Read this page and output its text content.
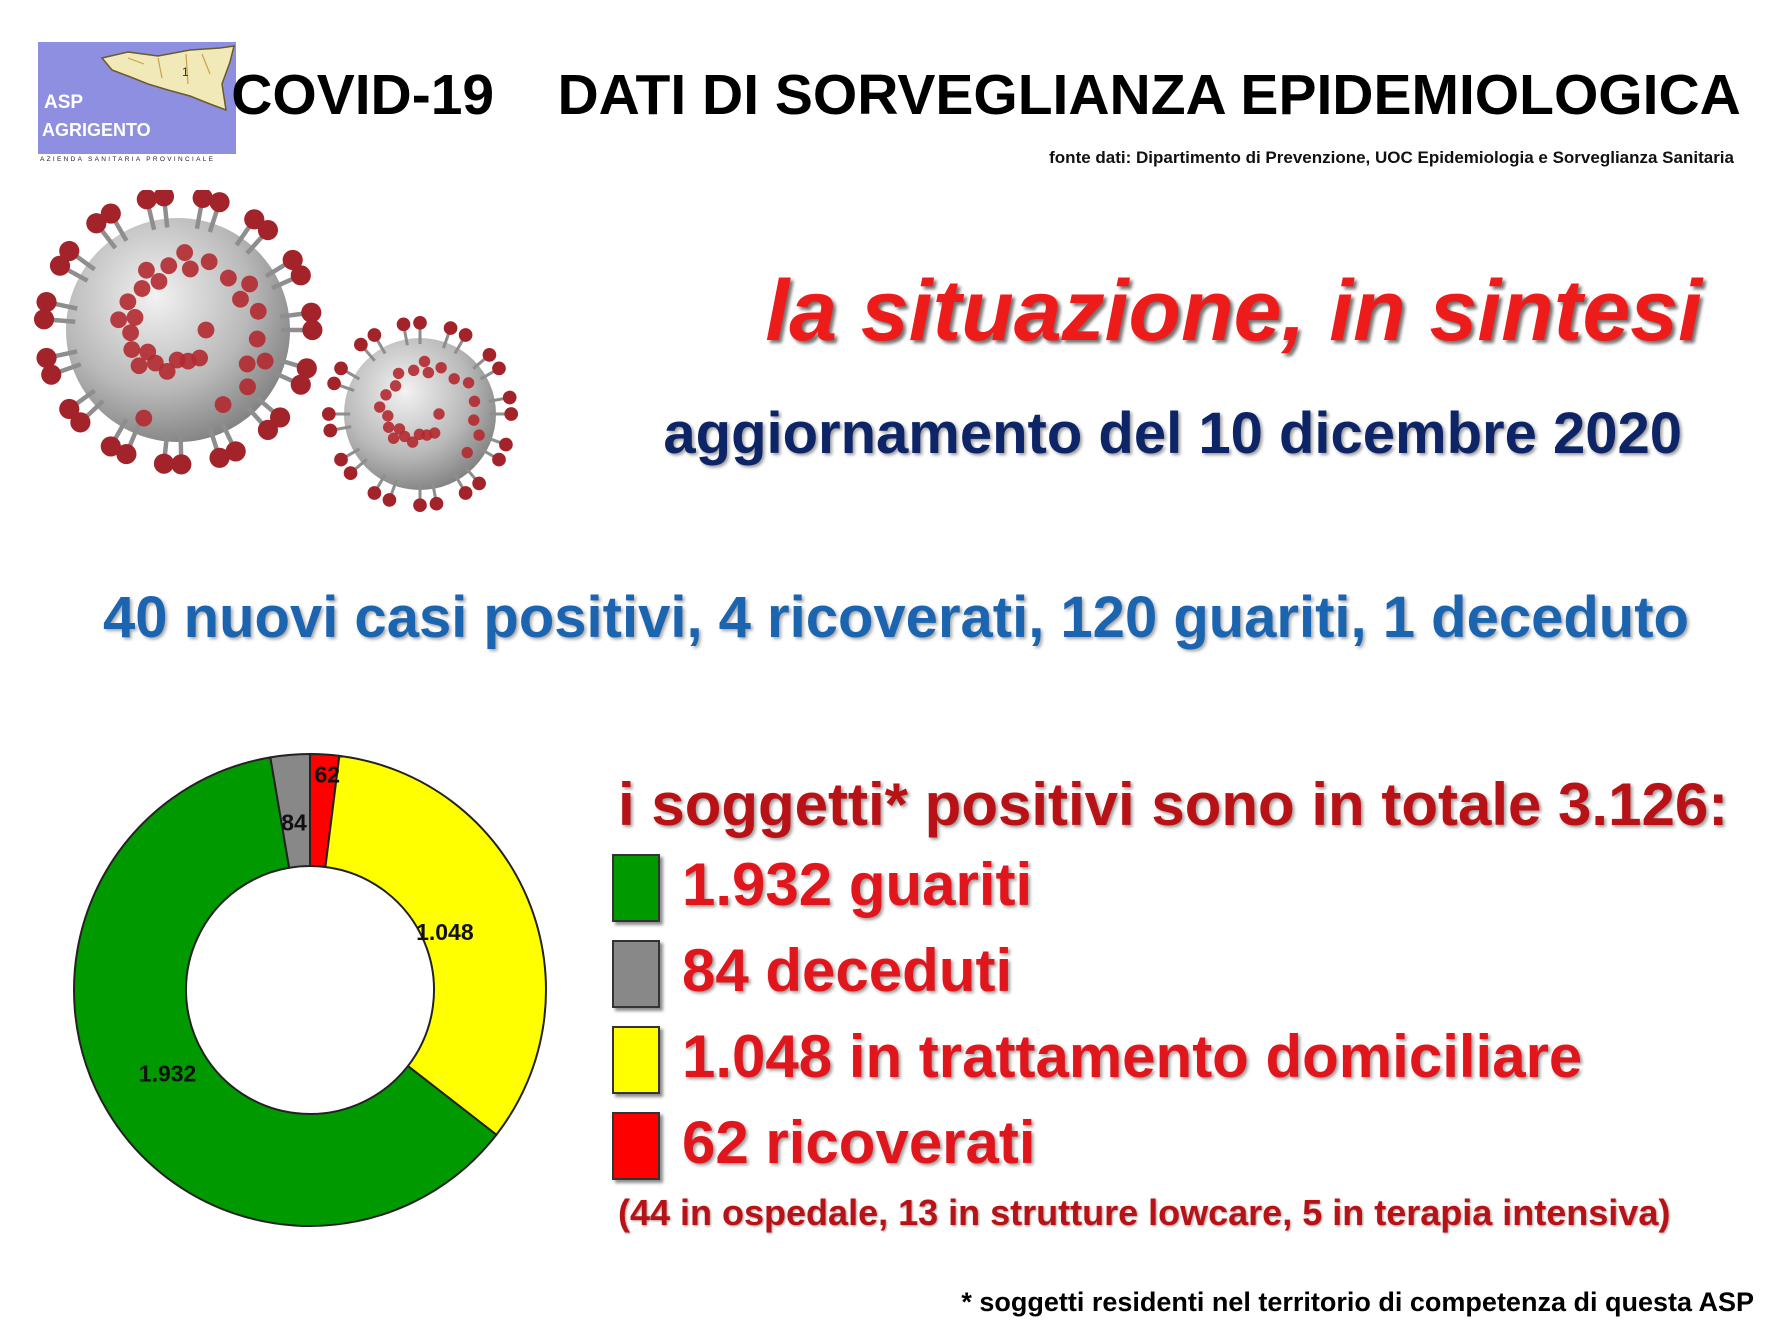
1
ASP
AGRIGENTO
AZIENDA SANITARIA PROVINCIALE
COVID-19    DATI DI SORVEGLIANZA EPIDEMIOLOGICA
fonte dati: Dipartimento di Prevenzione, UOC Epidemiologia e Sorveglianza Sanitaria
la situazione, in sintesi
aggiornamento del 10 dicembre 2020
40 nuovi casi positivi, 4 ricoverati, 120 guariti, 1 deceduto
62
1.048
1.932
84	i soggetti* positivi sono in totale 3.126:
1.932 guariti
84 deceduti
1.048 in trattamento domiciliare
62 ricoverati
(44 in ospedale, 13 in strutture lowcare, 5 in terapia intensiva)
* soggetti residenti nel territorio di competenza di questa ASP
